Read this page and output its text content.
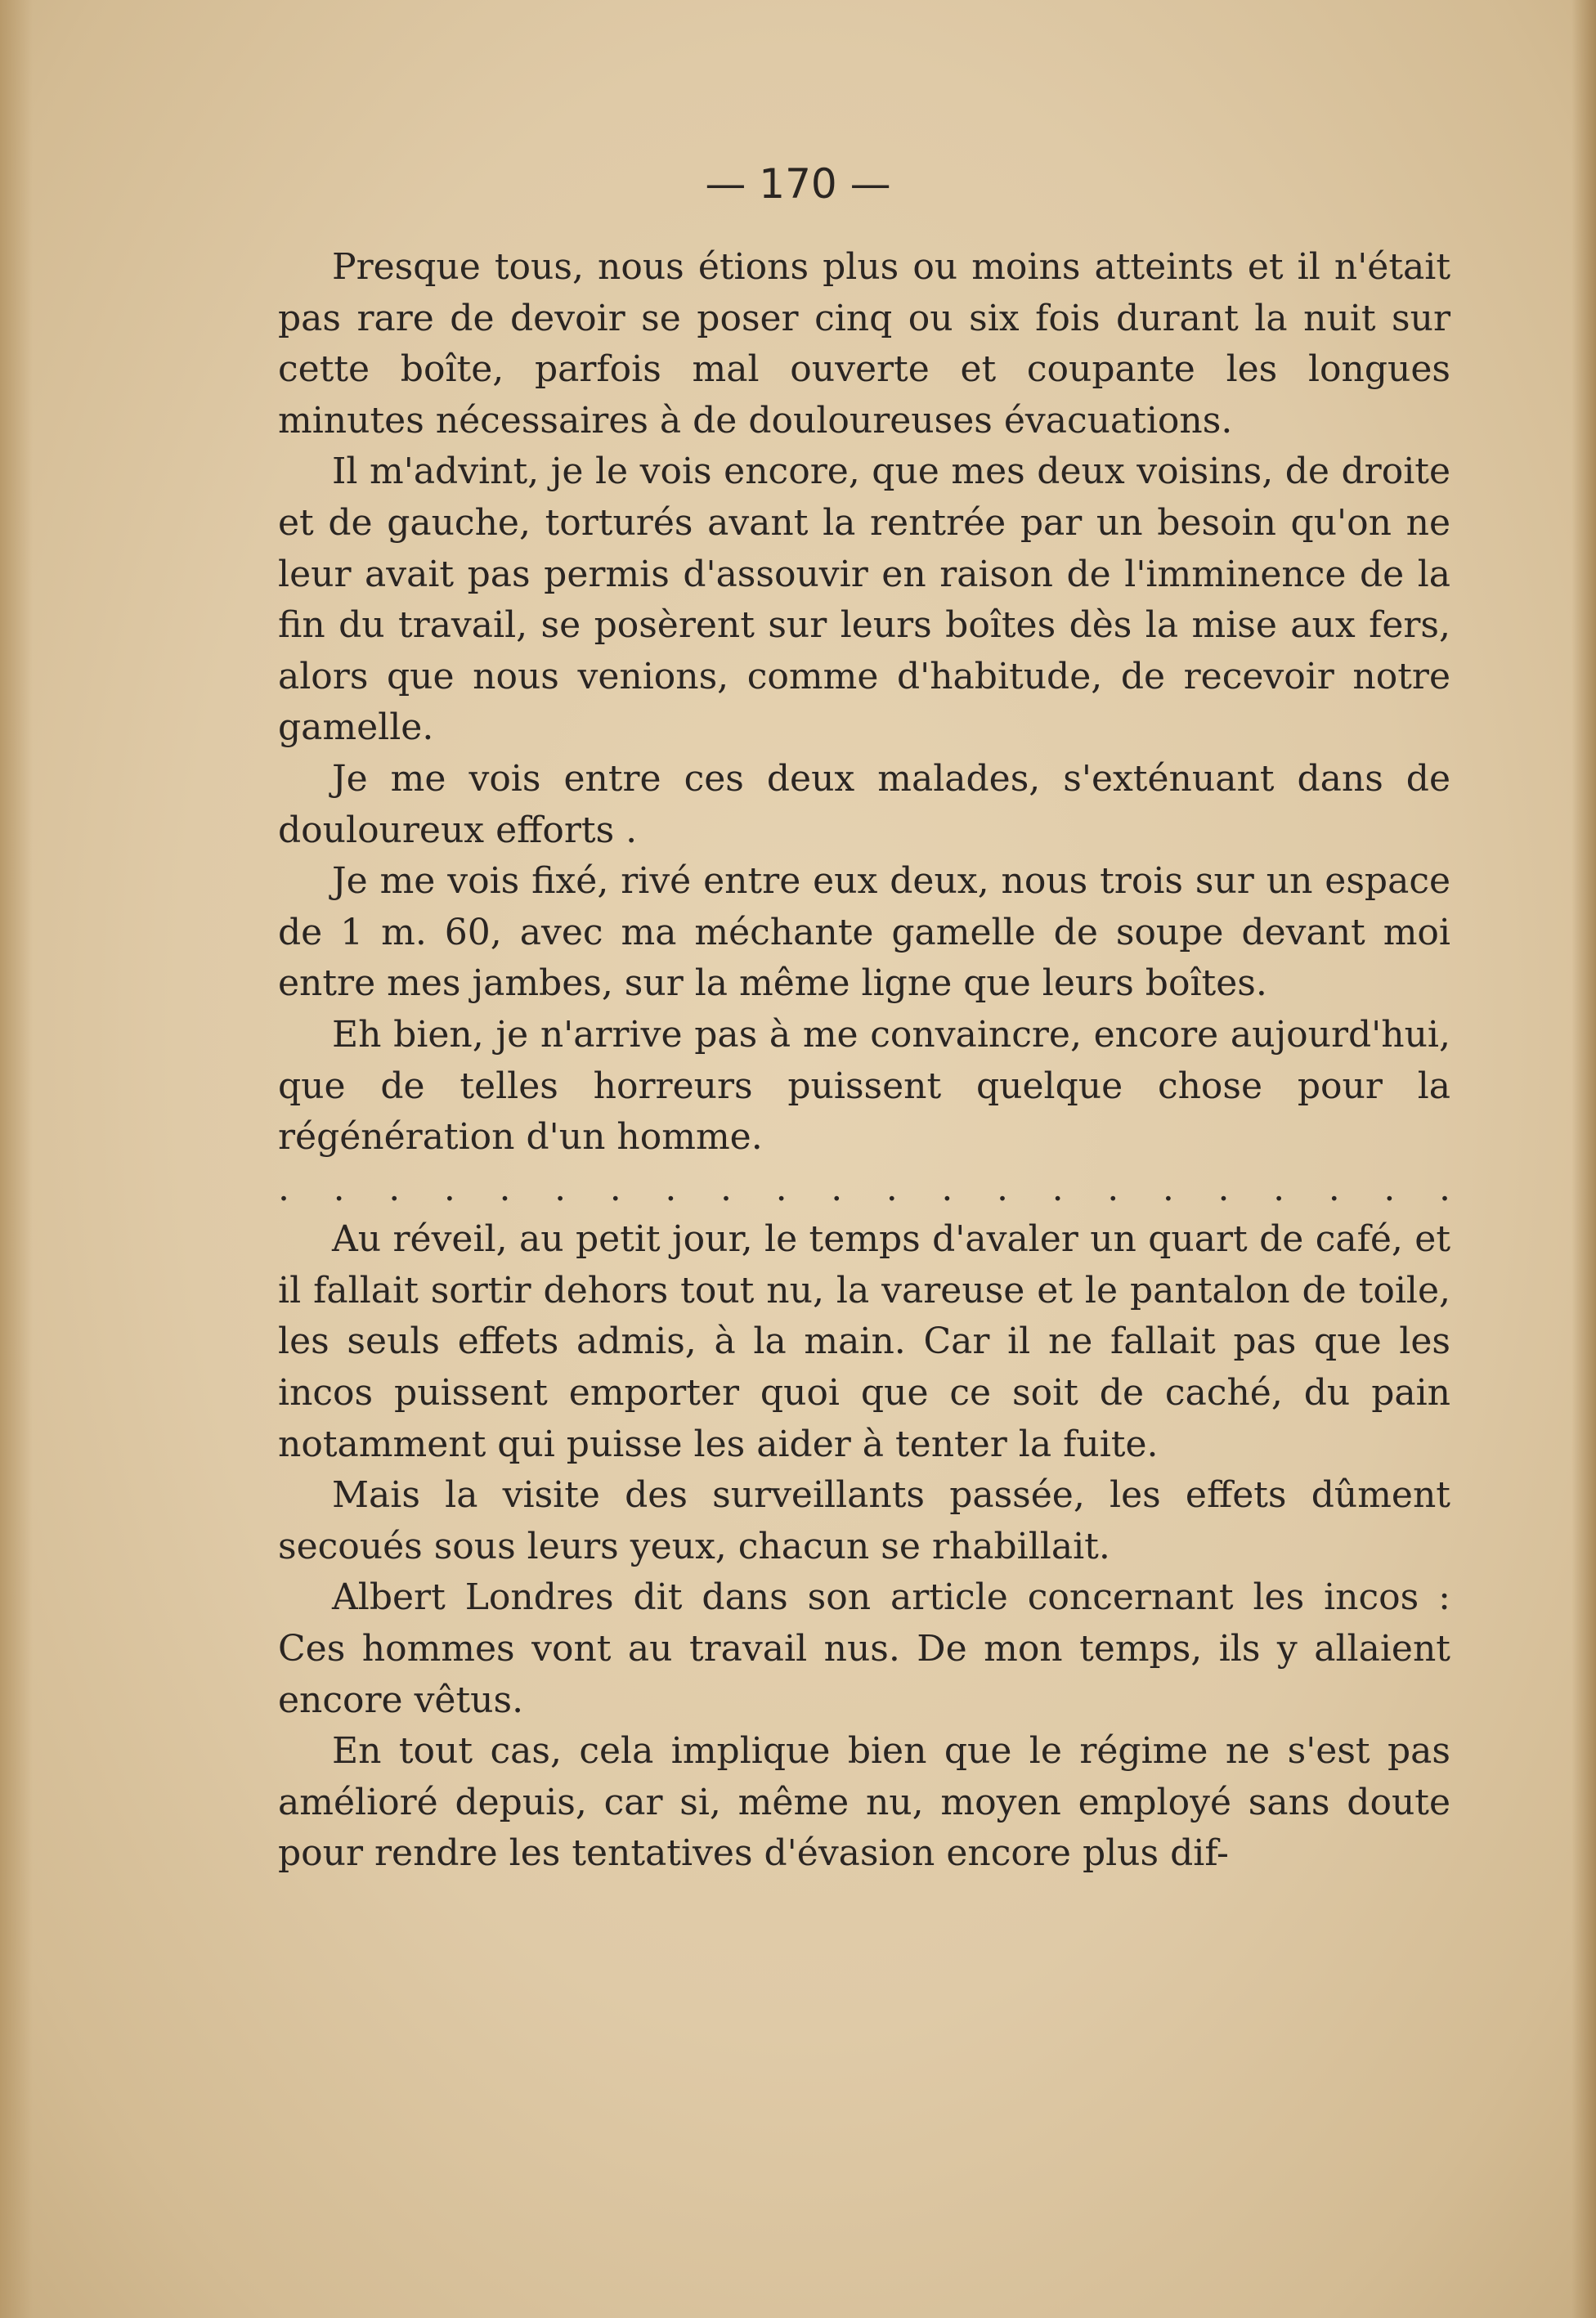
— 170 —

Presque tous, nous étions plus ou moins atteints et il n'était pas rare de devoir se poser cinq ou six fois durant la nuit sur cette boîte, parfois mal ouverte et coupante les longues minutes nécessaires à de douloureuses évacuations.

Il m'advint, je le vois encore, que mes deux voisins, de droite et de gauche, torturés avant la rentrée par un besoin qu'on ne leur avait pas permis d'assouvir en raison de l'imminence de la fin du travail, se posèrent sur leurs boîtes dès la mise aux fers, alors que nous venions, comme d'habitude, de recevoir notre gamelle.

Je me vois entre ces deux malades, s'exténuant dans de douloureux efforts .

Je me vois fixé, rivé entre eux deux, nous trois sur un espace de 1 m. 60, avec ma méchante gamelle de soupe devant moi entre mes jambes, sur la même ligne que leurs boîtes.

Eh bien, je n'arrive pas à me convaincre, encore aujourd'hui, que de telles horreurs puissent quelque chose pour la régénération d'un homme.

. . . . . . . . . . . . . . . . . . . . . .

Au réveil, au petit jour, le temps d'avaler un quart de café, et il fallait sortir dehors tout nu, la vareuse et le pantalon de toile, les seuls effets admis, à la main. Car il ne fallait pas que les incos puissent emporter quoi que ce soit de caché, du pain notamment qui puisse les aider à tenter la fuite.

Mais la visite des surveillants passée, les effets dûment secoués sous leurs yeux, chacun se rhabillait.

Albert Londres dit dans son article concernant les incos : Ces hommes vont au travail nus. De mon temps, ils y allaient encore vêtus.

En tout cas, cela implique bien que le régime ne s'est pas amélioré depuis, car si, même nu, moyen employé sans doute pour rendre les tentatives d'évasion encore plus dif-
